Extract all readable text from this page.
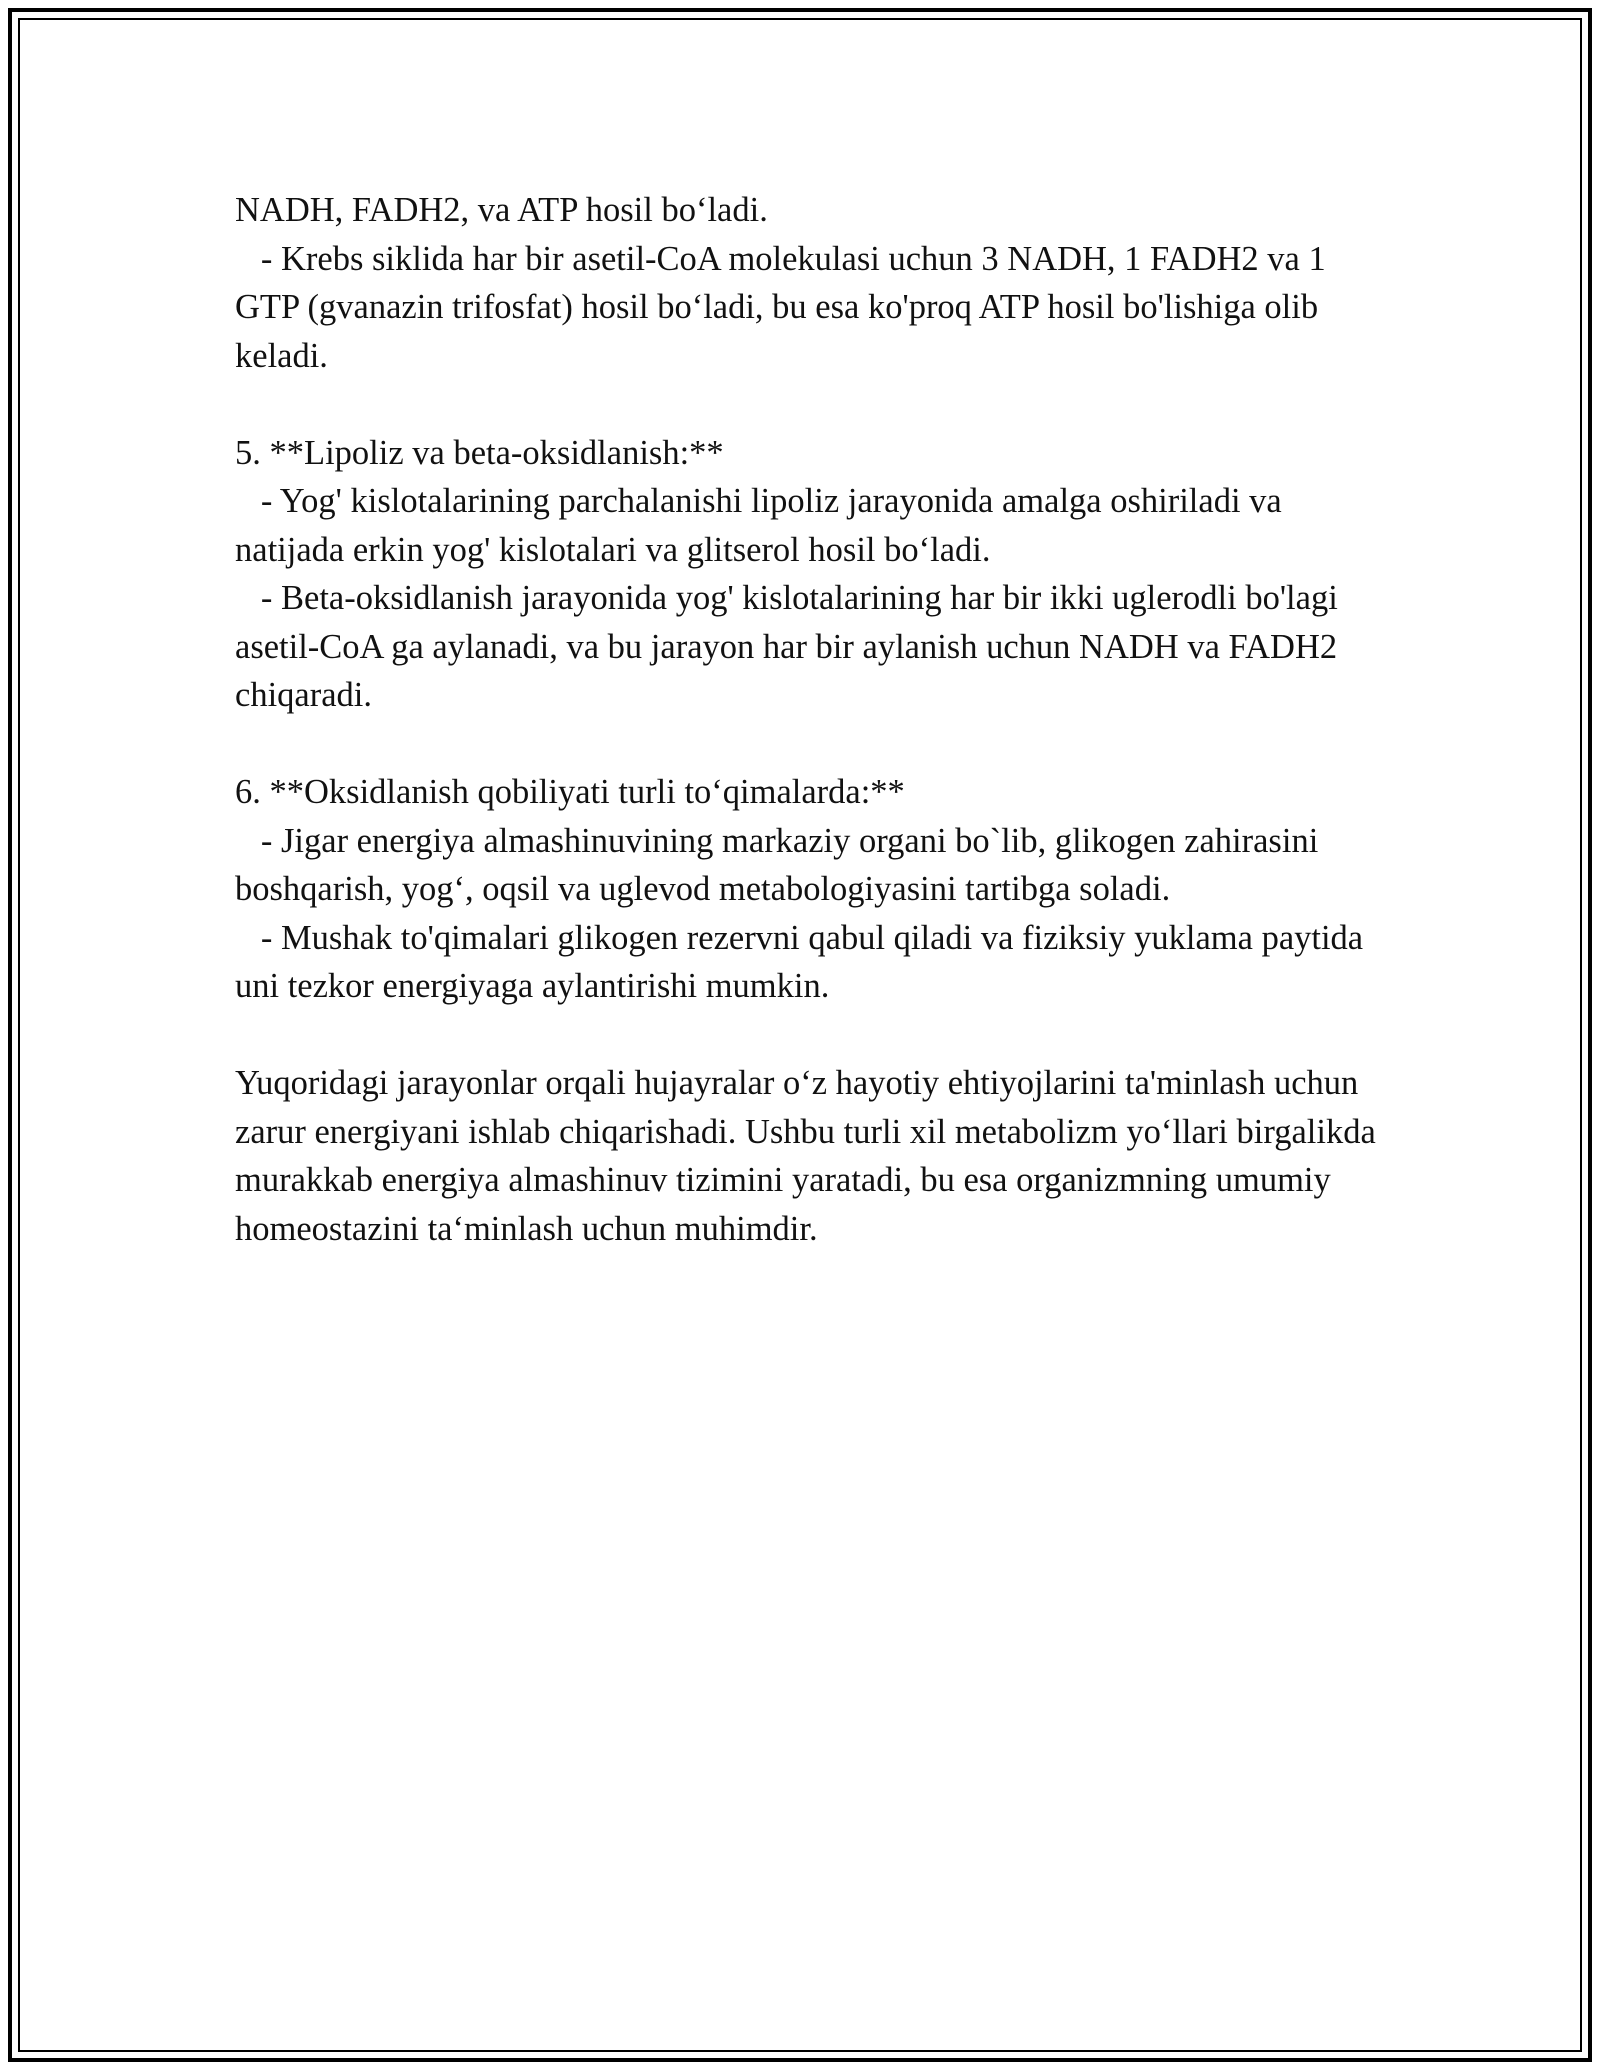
NADH, FADH2, va ATP hosil bo‘ladi.

- Krebs siklida har bir asetil-CoA molekulasi uchun 3 NADH, 1 FADH2 va 1 GTP (gvanazin trifosfat) hosil bo‘ladi, bu esa ko'proq ATP hosil bo'lishiga olib keladi.

5. **Lipoliz va beta-oksidlanish:**

- Yog' kislotalarining parchalanishi lipoliz jarayonida amalga oshiriladi va natijada erkin yog' kislotalari va glitserol hosil bo‘ladi.

- Beta-oksidlanish jarayonida yog' kislotalarining har bir ikki uglerodli bo'lagi asetil-CoA ga aylanadi, va bu jarayon har bir aylanish uchun NADH va FADH2 chiqaradi.

6. **Oksidlanish qobiliyati turli to‘qimalarda:**

- Jigar energiya almashinuvining markaziy organi bo`lib, glikogen zahirasini boshqarish, yog‘, oqsil va uglevod metabologiyasini tartibga soladi.

- Mushak to'qimalari glikogen rezervni qabul qiladi va fiziksiy yuklama paytida uni tezkor energiyaga aylantirishi mumkin.

Yuqoridagi jarayonlar orqali hujayralar o‘z hayotiy ehtiyojlarini ta'minlash uchun zarur energiyani ishlab chiqarishadi. Ushbu turli xil metabolizm yo‘llari birgalikda murakkab energiya almashinuv tizimini yaratadi, bu esa organizmning umumiy homeostazini ta‘minlash uchun muhimdir.
